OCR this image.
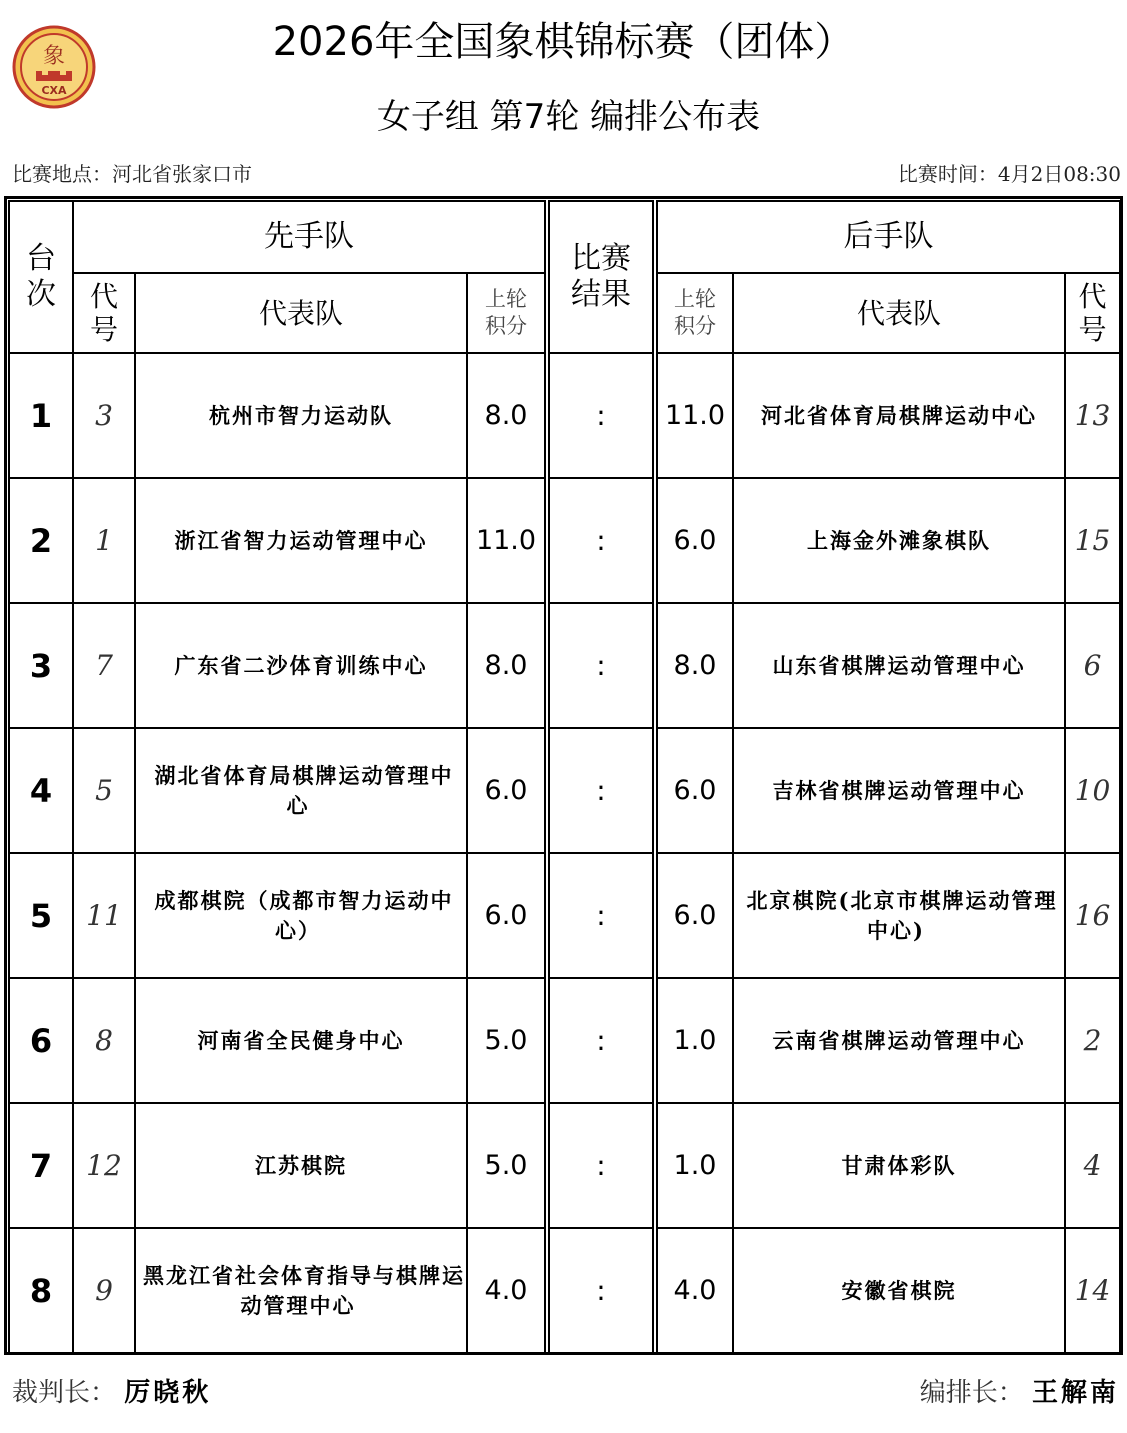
象
CXA
2026年全国象棋锦标赛（团体）
女子组 第7轮 编排公布表
比赛地点：河北省张家口市	比赛时间：4月2日08:30
台次	先手队			比赛结果	后手队		
	代号	代表队	上轮积分		上轮积分	代表队	代号
1	3	杭州市智力运动队	8.0	:	11.0	河北省体育局棋牌运动中心	13
2	1	浙江省智力运动管理中心	11.0	:	6.0	上海金外滩象棋队	15
3	7	广东省二沙体育训练中心	8.0	:	8.0	山东省棋牌运动管理中心	6
4	5	湖北省体育局棋牌运动管理中心	6.0	:	6.0	吉林省棋牌运动管理中心	10
5	11	成都棋院（成都市智力运动中心）	6.0	:	6.0	北京棋院(北京市棋牌运动管理中心)	16
6	8	河南省全民健身中心	5.0	:	1.0	云南省棋牌运动管理中心	2
7	12	江苏棋院	5.0	:	1.0	甘肃体彩队	4
8	9	黑龙江省社会体育指导与棋牌运动管理中心	4.0	:	4.0	安徽省棋院	14
裁判长： 厉晓秋	编排长： 王解南
